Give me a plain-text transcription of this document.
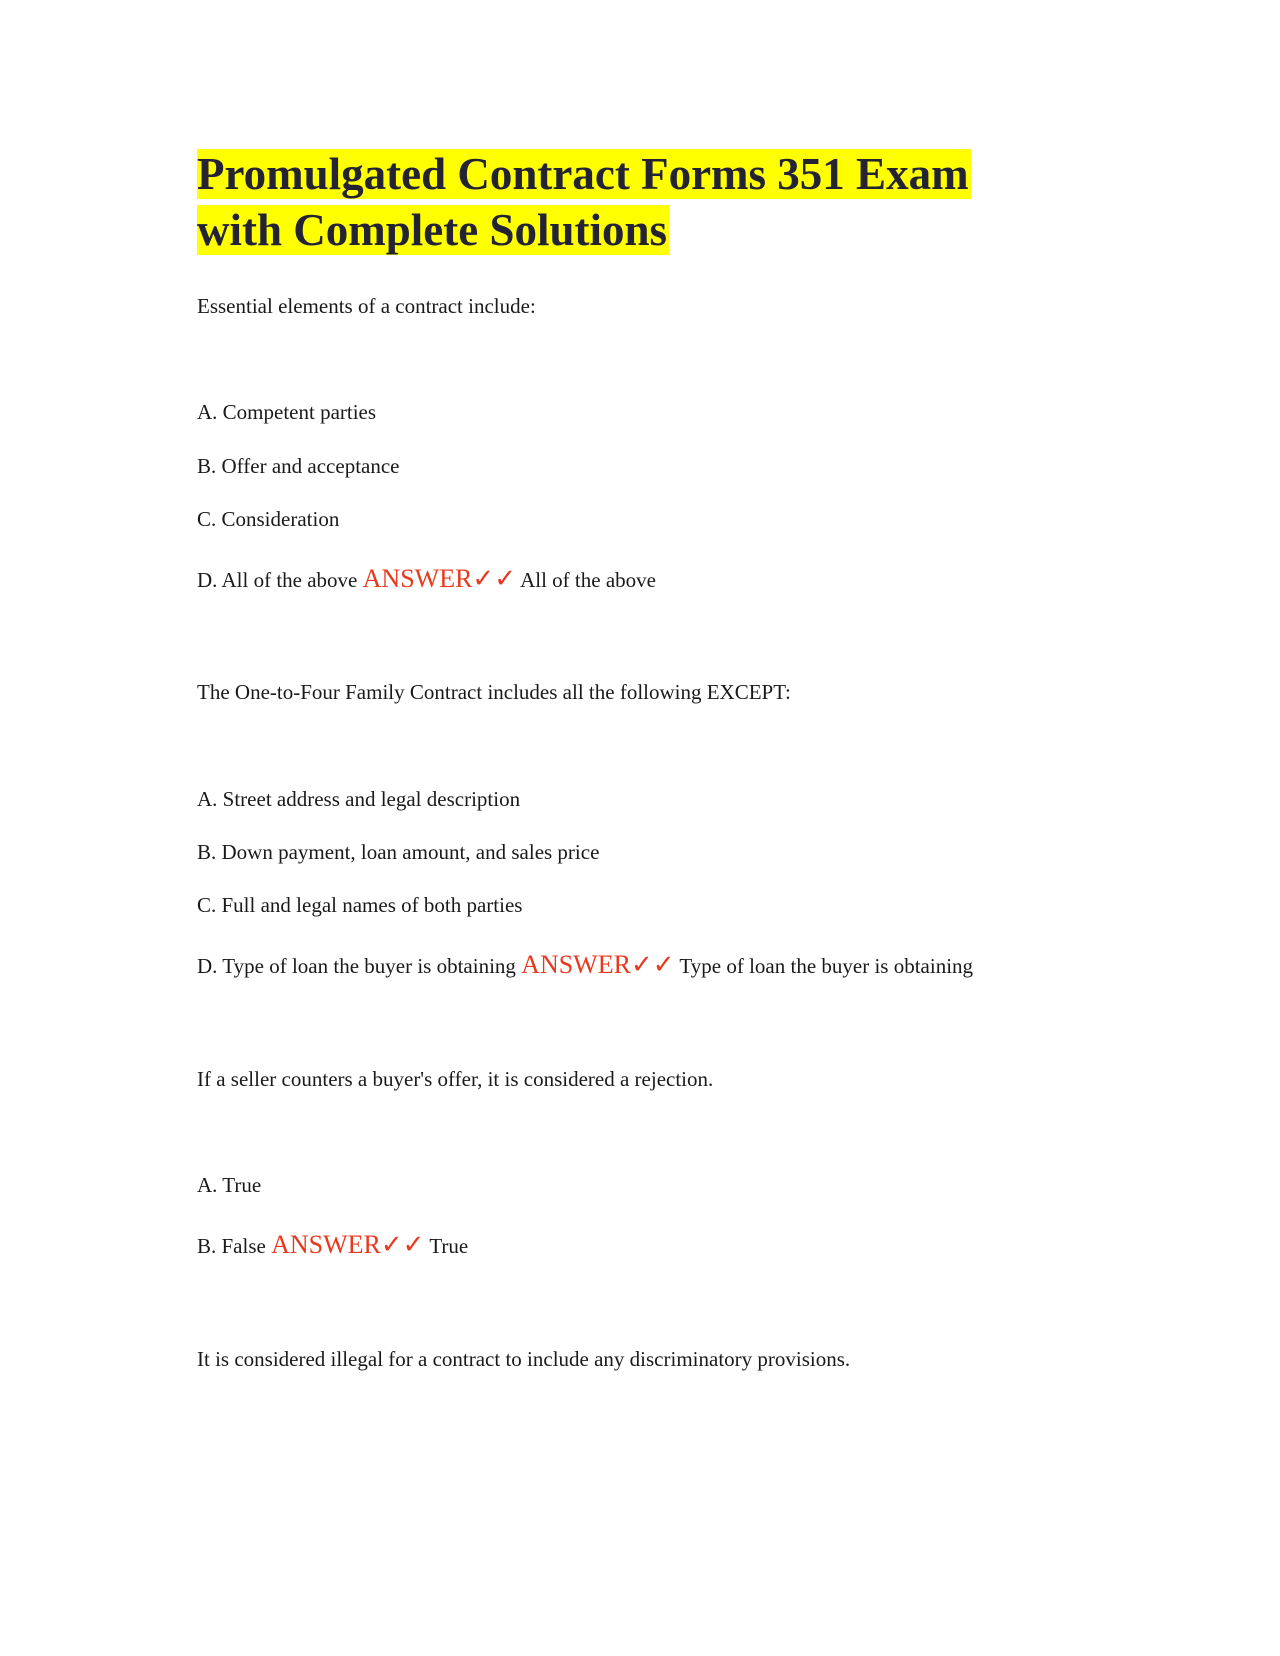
Promulgated Contract Forms 351 Exam
with Complete Solutions

Essential elements of a contract include:

A. Competent parties

B. Offer and acceptance

C. Consideration

D. All of the above ANSWER✓✓ All of the above

The One-to-Four Family Contract includes all the following EXCEPT:

A. Street address and legal description

B. Down payment, loan amount, and sales price

C. Full and legal names of both parties

D. Type of loan the buyer is obtaining ANSWER✓✓ Type of loan the buyer is obtaining

If a seller counters a buyer's offer, it is considered a rejection.

A. True

B. False ANSWER✓✓ True

It is considered illegal for a contract to include any discriminatory provisions.
